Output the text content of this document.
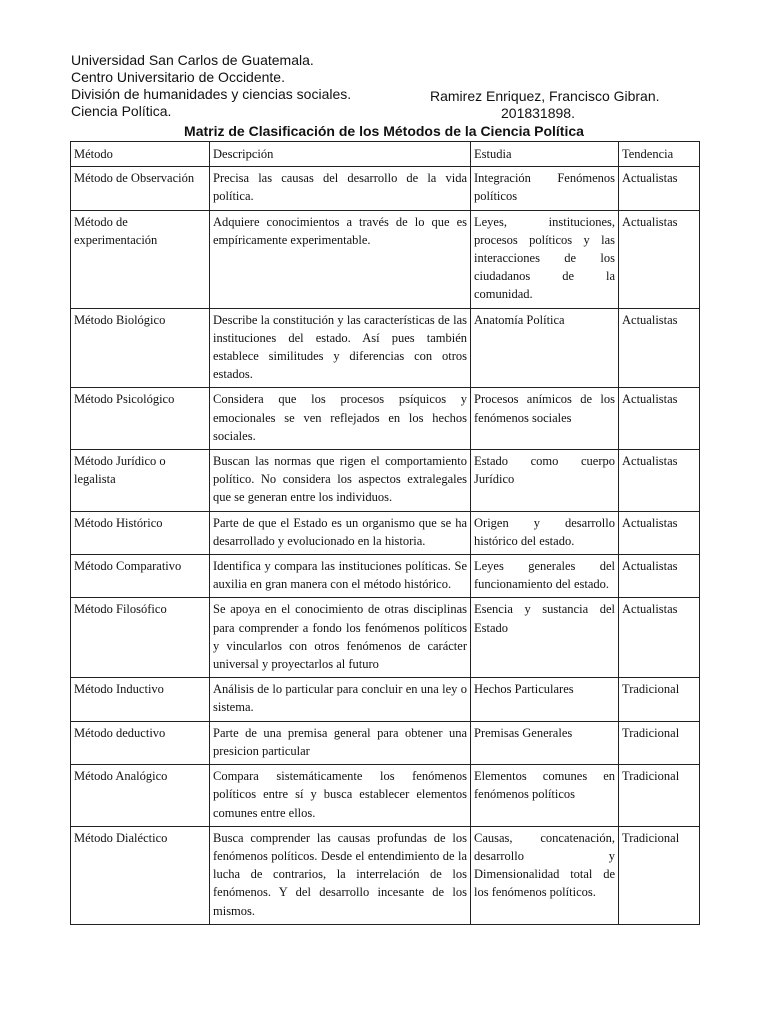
Universidad San Carlos de Guatemala.
Centro Universitario de Occidente.
División de humanidades y ciencias sociales.
Ciencia Política.
Ramirez Enriquez, Francisco Gibran.
201831898.
Matriz de Clasificación de los Métodos de la Ciencia Política
Método	Descripción	Estudia	Tendencia
Método de Observación	Precisa las causas del desarrollo de la vida política.	Integración Fenómenos políticos	Actualistas
Método de experimentación	Adquiere conocimientos a través de lo que es empíricamente experimentable.	Leyes, instituciones, procesos políticos y las interacciones de los ciudadanos de la comunidad.	Actualistas
Método Biológico	Describe la constitución y las características de las instituciones del estado. Así pues también establece similitudes y diferencias con otros estados.	Anatomía Política	Actualistas
Método Psicológico	Considera que los procesos psíquicos y emocionales se ven reflejados en los hechos sociales.	Procesos anímicos de los fenómenos sociales	Actualistas
Método Jurídico o legalista	Buscan las normas que rigen el comportamiento político. No considera los aspectos extralegales que se generan entre los individuos.	Estado como cuerpo Jurídico	Actualistas
Método Histórico	Parte de que el Estado es un organismo que se ha desarrollado y evolucionado en la historia.	Origen y desarrollo histórico del estado.	Actualistas
Método Comparativo	Identifica y compara las instituciones políticas. Se auxilia en gran manera con el método histórico.	Leyes generales del funcionamiento del estado.	Actualistas
Método Filosófico	Se apoya en el conocimiento de otras disciplinas para comprender a fondo los fenómenos políticos y vincularlos con otros fenómenos de carácter universal y proyectarlos al futuro	Esencia y sustancia del Estado	Actualistas
Método Inductivo	Análisis de lo particular para concluir en una ley o sistema.	Hechos Particulares	Tradicional
Método deductivo	Parte de una premisa general para obtener una presicion particular	Premisas Generales	Tradicional
Método Analógico	Compara sistemáticamente los fenómenos políticos entre sí y busca establecer elementos comunes entre ellos.	Elementos comunes en fenómenos políticos	Tradicional
Método Dialéctico	Busca comprender las causas profundas de los fenómenos políticos. Desde el entendimiento de la lucha de contrarios, la interrelación de los fenómenos. Y del desarrollo incesante de los mismos.	Causas, concatenación, desarrollo y Dimensionalidad total de los fenómenos políticos.	Tradicional
